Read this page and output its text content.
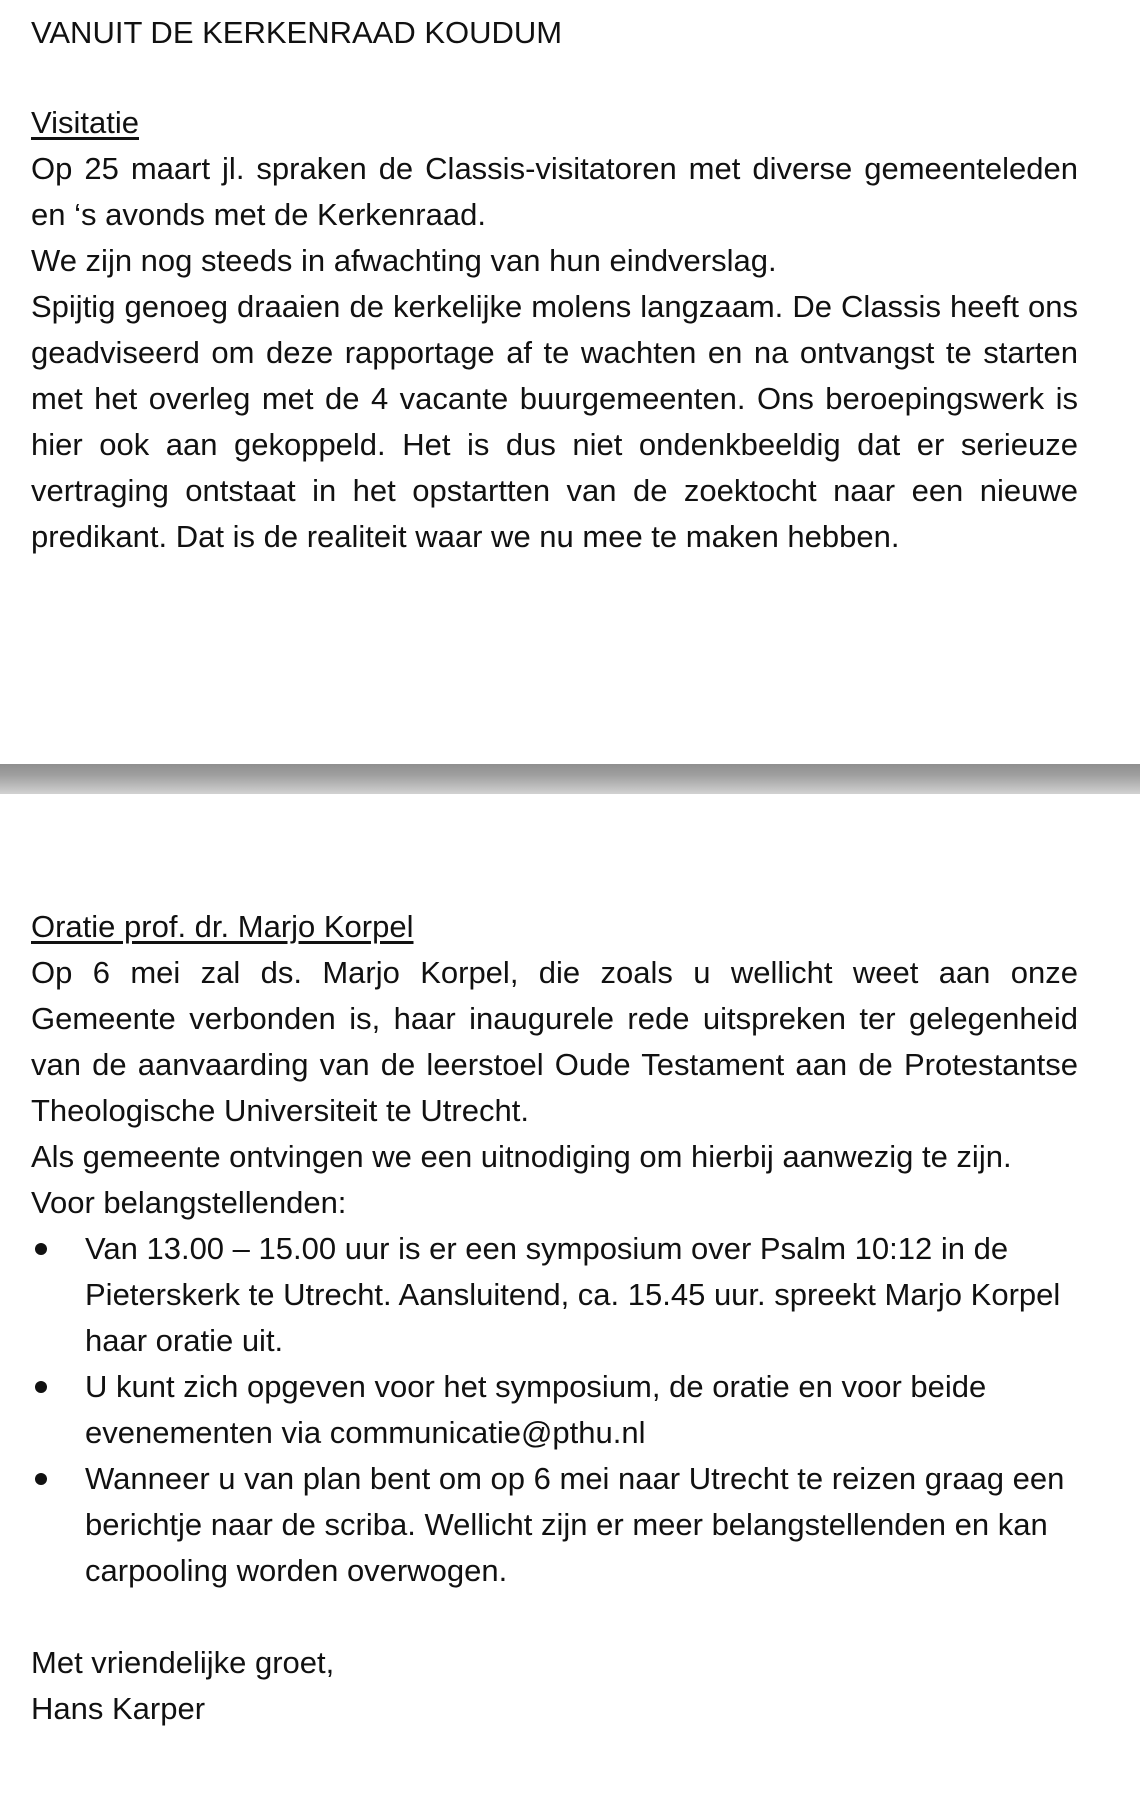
VANUIT DE KERKENRAAD KOUDUM
Visitatie

Op 25 maart jl. spraken de Classis-visitatoren met diverse gemeenteleden en ‘s avonds met de Kerkenraad.

We zijn nog steeds in afwachting van hun eindverslag.

Spijtig genoeg draaien de kerkelijke molens langzaam. De Classis heeft ons geadviseerd om deze rapportage af te wachten en na ontvangst te starten met het overleg met de 4 vacante buurgemeenten. Ons beroepingswerk is hier ook aan gekoppeld. Het is dus niet ondenkbeeldig dat er serieuze vertraging ontstaat in het opstartten van de zoektocht naar een nieuwe predikant. Dat is de realiteit waar we nu mee te maken hebben.

Oratie prof. dr. Marjo Korpel

Op 6 mei zal ds. Marjo Korpel, die zoals u wellicht weet aan onze Gemeente verbonden is, haar inaugurele rede uitspreken ter gelegenheid van de aanvaarding van de leerstoel Oude Testament aan de Protestantse Theologische Universiteit te Utrecht.

Als gemeente ontvingen we een uitnodiging om hierbij aanwezig te zijn.

Voor belangstellenden:

Van 13.00 – 15.00 uur is er een symposium over Psalm 10:12 in de Pieterskerk te Utrecht. Aansluitend, ca. 15.45 uur. spreekt Marjo Korpel haar oratie uit.
U kunt zich opgeven voor het symposium, de oratie en voor beide evenementen via communicatie@pthu.nl
Wanneer u van plan bent om op 6 mei naar Utrecht te reizen graag een berichtje naar de scriba. Wellicht zijn er meer belangstellenden en kan carpooling worden overwogen.
Met vriendelijke groet,
Hans Karper
